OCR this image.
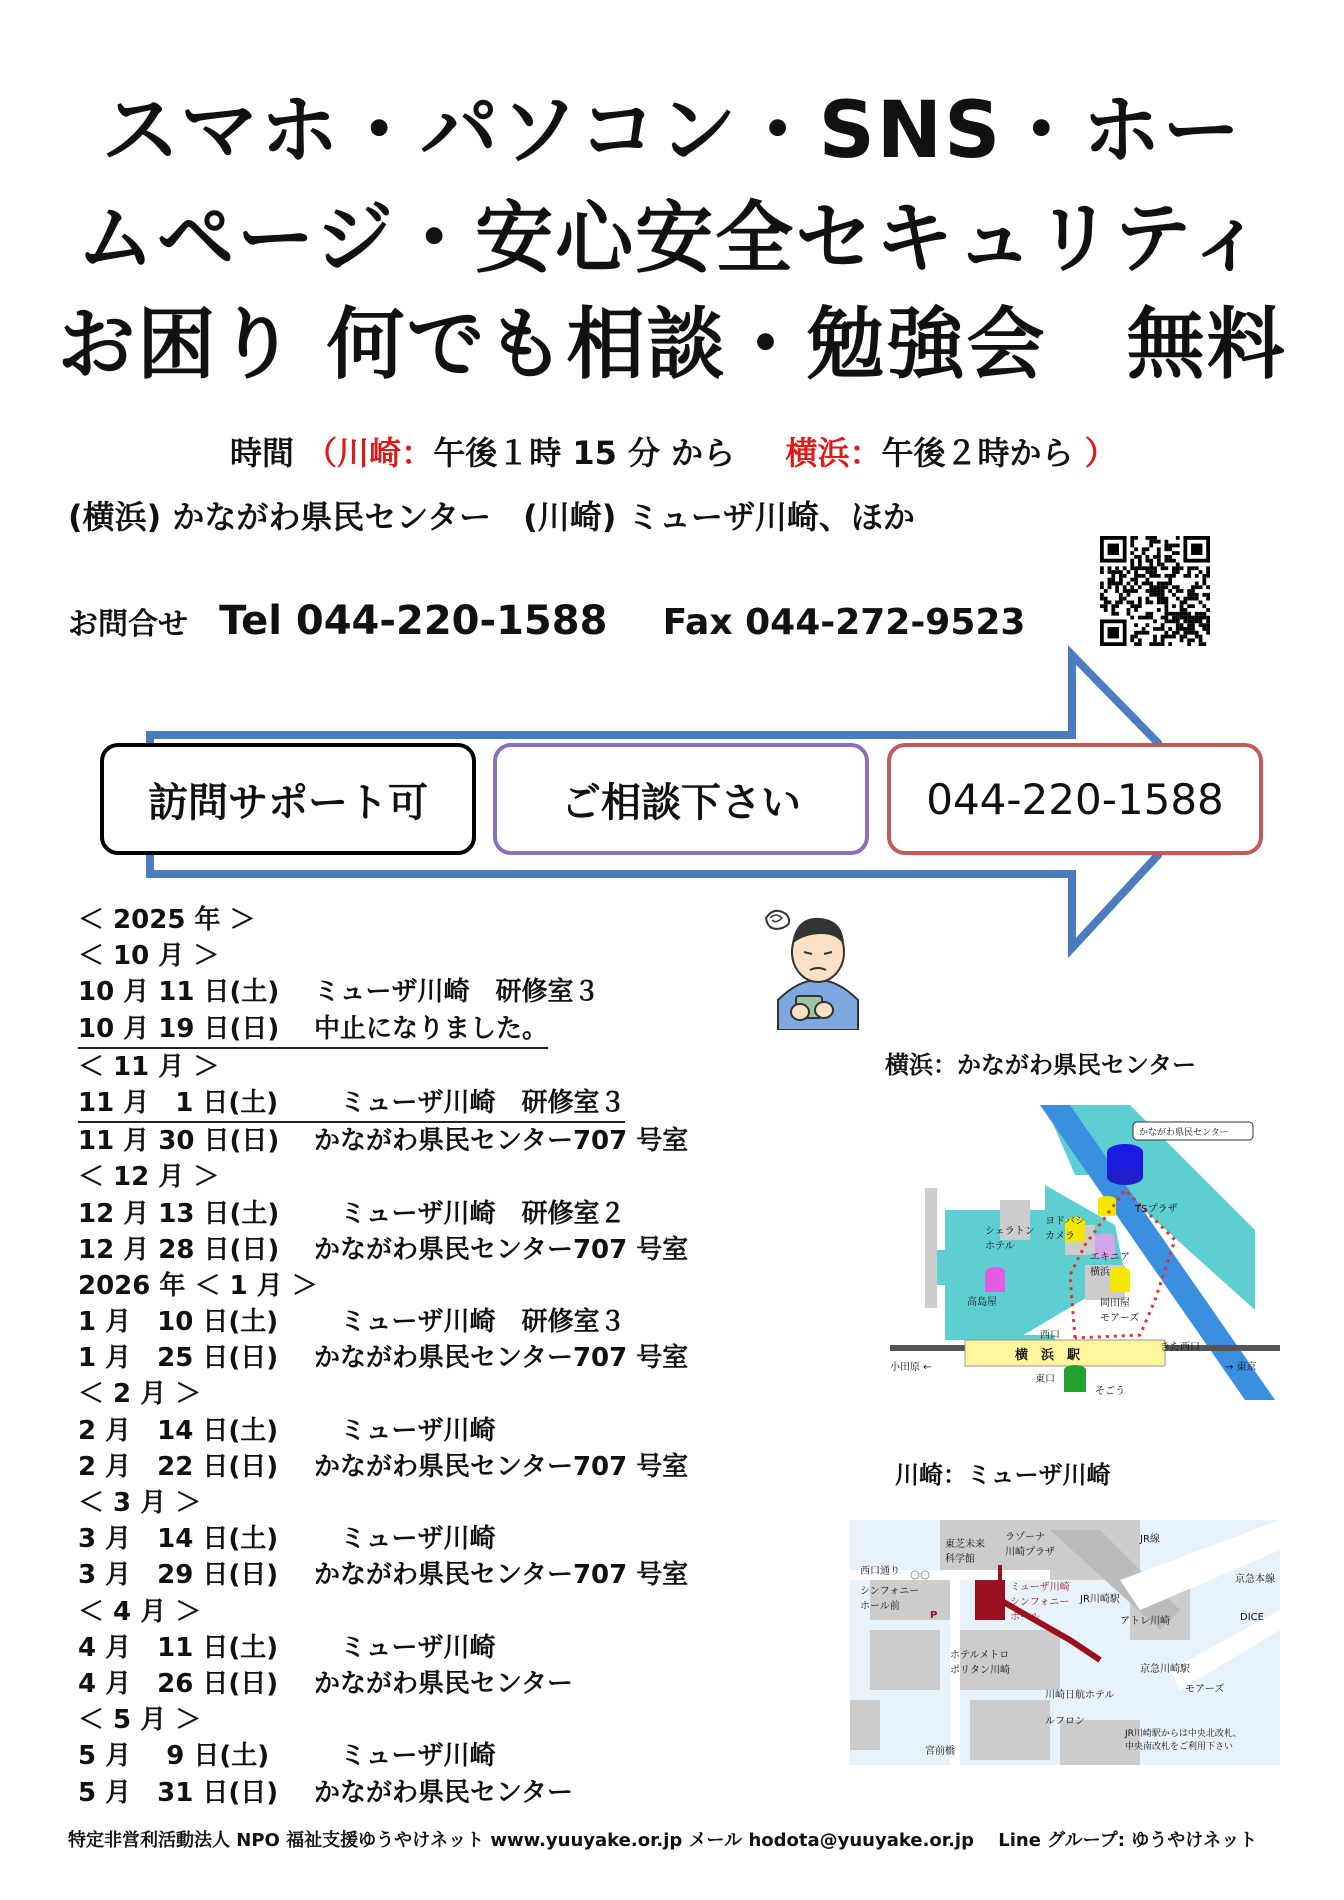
スマホ・パソコン・SNS・ホー
ムページ・安心安全セキュリティ
お困り 何でも相談・勉強会　無料
時間 （川崎：午後１時 15 分 から 横浜：午後２時から ）
(横浜) かながわ県民センター　(川崎) ミューザ川崎、ほか
お問合せ Tel 044-220-1588 Fax 044-272-9523
訪問サポート可	ご相談下さい	044-220-1588
＜ 2025 年 ＞
＜ 10 月 ＞
10 月 11 日(土) ミューザ川崎　研修室３
10 月 19 日(日) 中止になりました。
＜ 11 月 ＞
11 月　1 日(土)　ミューザ川崎　研修室３
11 月 30 日(日) かながわ県民センター707 号室
＜ 12 月 ＞
12 月 13 日(土)　ミューザ川崎　研修室２
12 月 28 日(日) かながわ県民センター707 号室
2026 年 ＜ 1 月 ＞
1 月　10 日(土)　ミューザ川崎　研修室３
1 月　25 日(日) かながわ県民センター707 号室
＜ 2 月 ＞
2 月　14 日(土)　ミューザ川崎
2 月　22 日(日) かながわ県民センター707 号室
＜ 3 月 ＞
3 月　14 日(土)　ミューザ川崎
3 月　29 日(日) かながわ県民センター707 号室
＜ 4 月 ＞
4 月　11 日(土)　ミューザ川崎
4 月　26 日(日) かながわ県民センター
＜ 5 月 ＞
5 月　 9 日(土)　ミューザ川崎
5 月　31 日(日) かながわ県民センター
横浜：かながわ県民センター
川崎：ミューザ川崎
かながわ県民センター
TSプラザ
ヨドバシ
カメラ
シェラトン
ホテル
高島屋
エキニア
横浜
岡田屋
モアーズ
横　浜　駅
西口
東口
きた西口
そごう
小田原 ←	→ 東京
東芝未来
科学館
ラゾーナ
川崎プラザ
JR線
西口通り
シンフォニー
ホール前
ミューザ川崎
シンフォニー
ホール
JR川崎駅
アトレ川崎
京急本線
DICE
ホテルメトロ
ポリタン川崎	京急川崎駅
モアーズ
川崎日航ホテル
ルフロン
JR川崎駅からは中央北改札、
中央南改札をご利用下さい
宮前橋
P
特定非営利活動法人 NPO 福祉支援ゆうやけネット www.yuuyake.or.jp メール hodota@yuuyake.or.jp　 Line グループ: ゆうやけネット
